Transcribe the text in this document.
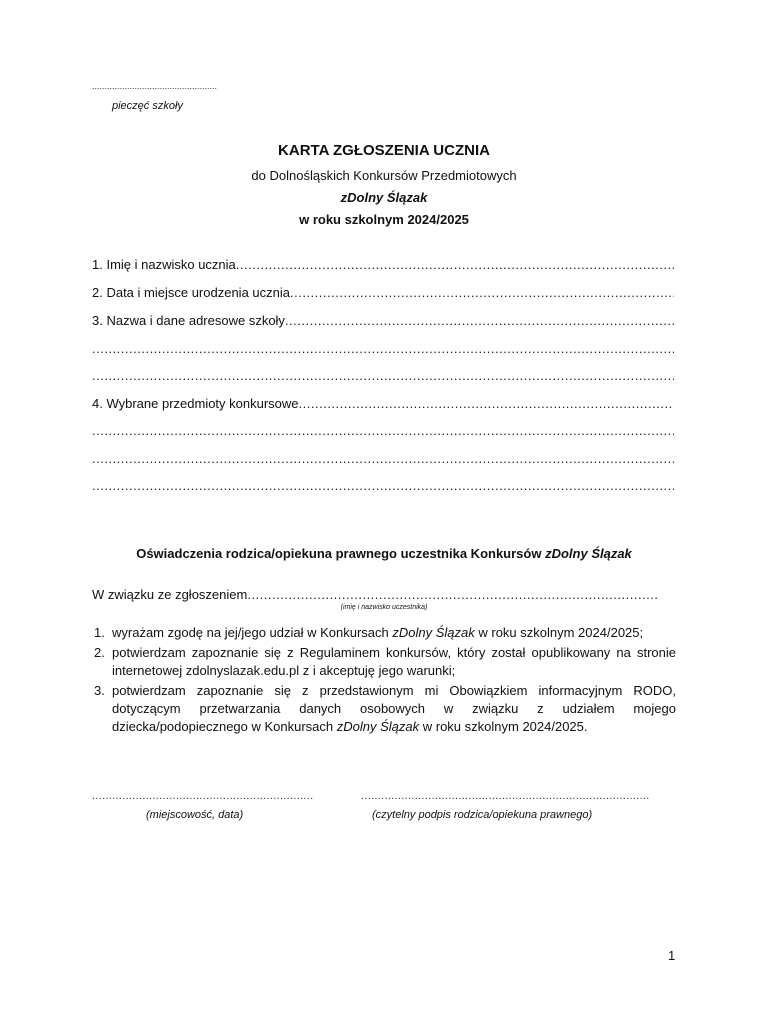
..................................................
pieczęć szkoły
KARTA ZGŁOSZENIA UCZNIA
do Dolnośląskich Konkursów Przedmiotowych
zDolny Ślązak
w roku szkolnym 2024/2025
1. Imię i nazwisko ucznia
.....
2. Data i miejsce urodzenia ucznia
.....
3. Nazwa i dane adresowe szkoły
.....
.....
.....
4. Wybrane przedmioty konkursowe
.....
.....
.....
.....
Oświadczenia rodzica/opiekuna prawnego uczestnika Konkursów zDolny Ślązak
W związku ze zgłoszeniem
.....
(imię i nazwisko uczestnika)
1. wyrażam zgodę na jej/jego udział w Konkursach zDolny Ślązak w roku szkolnym 2024/2025;
2. potwierdzam zapoznanie się z Regulaminem konkursów, który został opublikowany na stronie internetowej zdolnyslazak.edu.pl z i akceptuję jego warunki;
3. potwierdzam zapoznanie się z przedstawionym mi Obowiązkiem informacyjnym RODO, dotyczącym przetwarzania danych osobowych w związku z udziałem mojego dziecka/podopiecznego w Konkursach zDolny Ślązak w roku szkolnym 2024/2025.
..................................................................	......................................................................................
(miejscowość, data)	(czytelny podpis rodzica/opiekuna prawnego)
1
